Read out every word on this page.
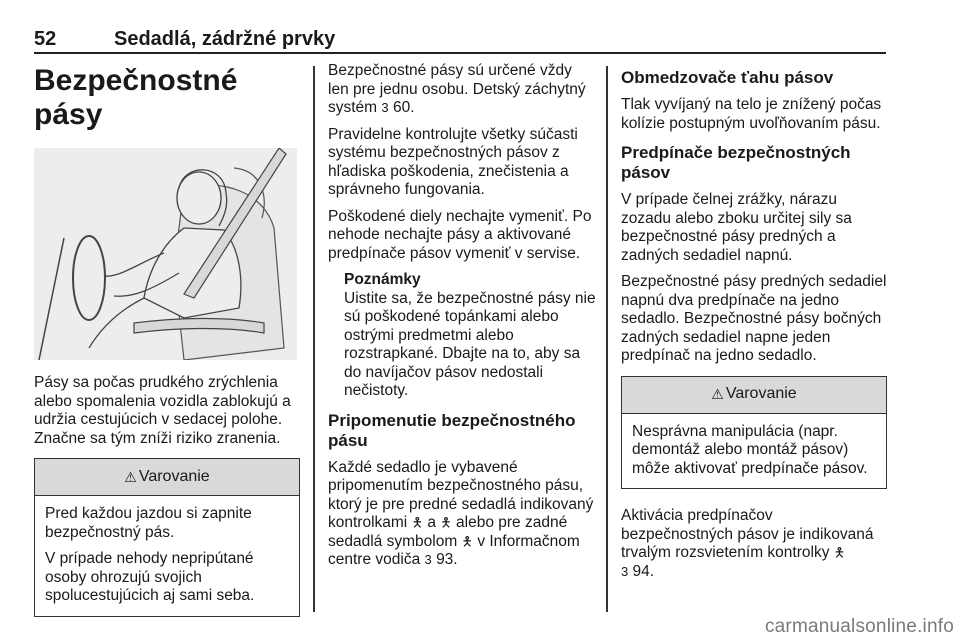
52	Sedadlá, zádržné prvky
Bezpečnostné pásy

Pásy sa počas prudkého zrýchlenia alebo spomalenia vozidla zablokujú a udržia cestujúcich v sedacej polohe. Značne sa tým zníži riziko zranenia.

⚠ Varovanie

Pred každou jazdou si zapnite bezpečnostný pás.

V prípade nehody nepripútané osoby ohrozujú svojich spolucestujúcich aj sami seba.

Bezpečnostné pásy sú určené vždy len pre jednu osobu. Detský záchytný systém 3 60.

Pravidelne kontrolujte všetky súčasti systému bezpečnostných pásov z hľadiska poškodenia, znečistenia a správneho fungovania.

Poškodené diely nechajte vymeniť. Po nehode nechajte pásy a aktivované predpínače pásov vymeniť v servise.

Poznámky
Uistite sa, že bezpečnostné pásy nie sú poškodené topánkami alebo ostrými predmetmi alebo rozstrapkané. Dbajte na to, aby sa do navíjačov pásov nedostali nečistoty.
Pripomenutie bezpečnostného pásu

Každé sedadlo je vybavené pripomenutím bezpečnostného pásu, ktorý je pre predné sedadlá indikovaný kontrolkami 🯅 a 🯅 alebo pre zadné sedadlá symbolom 🯅 v Informačnom centre vodiča 3 93.

Obmedzovače ťahu pásov

Tlak vyvíjaný na telo je znížený počas kolízie postupným uvoľňovaním pásu.

Predpínače bezpečnostných pásov

V prípade čelnej zrážky, nárazu zozadu alebo zboku určitej sily sa bezpečnostné pásy predných a zadných sedadiel napnú.

Bezpečnostné pásy predných sedadiel napnú dva predpínače na jedno sedadlo. Bezpečnostné pásy bočných zadných sedadiel napne jeden predpínač na jedno sedadlo.

⚠ Varovanie

Nesprávna manipulácia (napr. demontáž alebo montáž pásov) môže aktivovať predpínače pásov.

Aktivácia predpínačov bezpečnostných pásov je indikovaná trvalým rozsvietením kontrolky 🯅
3 94.

carmanualsonline.info
